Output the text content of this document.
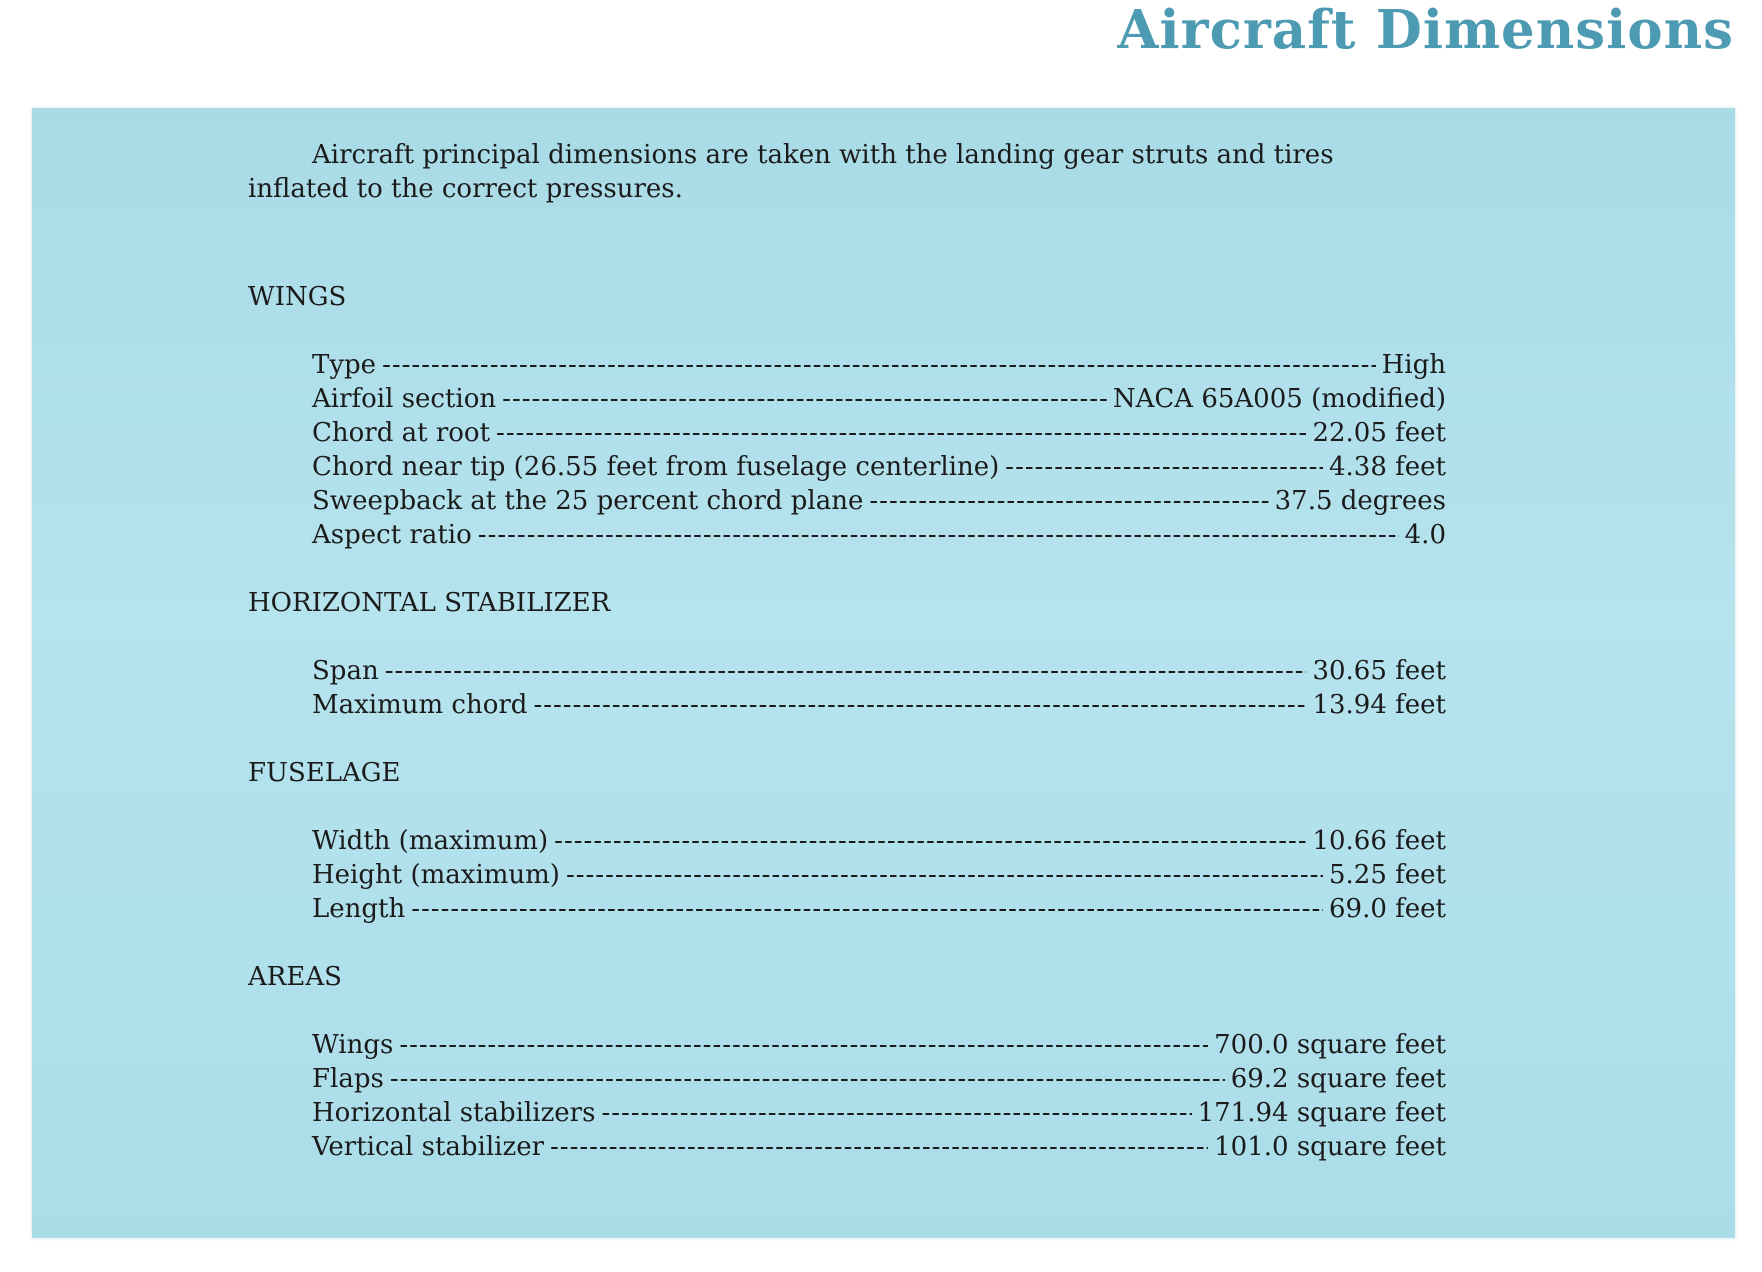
Aircraft Dimensions

Aircraft principal dimensions are taken with the landing gear struts and tires inflated to the correct pressures.

WINGS
Type -----	High
Airfoil section -----	NACA 65A005 (modified)
Chord at root -----	22.05 feet
Chord near tip (26.55 feet from fuselage centerline) -----	4.38 feet
Sweepback at the 25 percent chord plane -----	37.5 degrees
Aspect ratio -----	4.0
HORIZONTAL STABILIZER
Span -----	30.65 feet
Maximum chord -----	13.94 feet
FUSELAGE
Width (maximum) -----	10.66 feet
Height (maximum) -----	5.25 feet
Length -----	69.0 feet
AREAS
Wings -----	700.0 square feet
Flaps -----	69.2 square feet
Horizontal stabilizers -----	171.94 square feet
Vertical stabilizer -----	101.0 square feet
